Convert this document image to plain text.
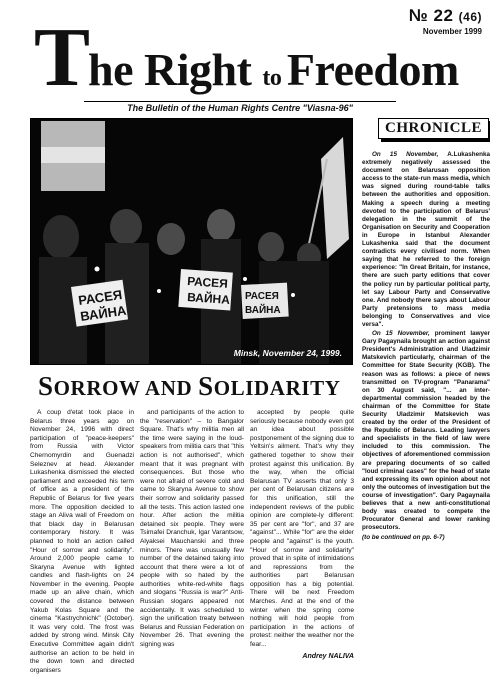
№ 22 (46)
November 1999
T
he Right to Freedom
The Bulletin of the Human Rights Centre "Viasna-96"
РАСЕЯ
ВАЙНА
РАСЕЯ
ВАЙНА РАСЕЯ
ВАЙНА
Minsk, November 24, 1999.
CHRONICLE

On 15 November, A.Lukashenka extremely negatively assessed the document on Belarusan opposition access to the state-run mass media, which was signed during round-table talks between the authorities and opposition. Making a speech during a meeting devoted to the participation of Belarus' delegation in the summit of the Organisation on Security and Cooperation in Europe in Istanbul Alexander Lukashenka said that the document contradicts every civilised norm. When saying that he referred to the foreign experience: "In Great Britain, for instance, there are such party editions that cover the policy run by particular political party, let say Labour Party and Conservative one. And nobody there says about Labour Party pretensions to mass media belonging to Conservatives and vice versa".

On 15 November, prominent lawyer Gary Pagaynaila brought an action against President's Administration and Uladzimir Matskevich particularly, chairman of the Committee for State Security (KGB). The reason was as follows: a piece of news transmitted on TV-program "Panarama" on 30 August said, "... an inter-departmental commission headed by the chairman of the Committee for State Security Uladzimir Matskevich was created by the order of the President of the Republic of Belarus. Leading lawyers and specialists in the field of law were included to this commission. The objectives of aforementioned commission are preparing documents of so called "loud criminal cases" for the head of state and expressing its own opinion about not only the outcomes of investigation but the course of investigation". Gary Pagaynaila believes that a new anti-constitutional body was created to compete the Procurator General and lower ranking prosecutors.

(to be continued on pp. 6-7)
SORROW AND SOLIDARITY

A coup d'etat took place in Belarus three years ago on November 24, 1996 with direct participation of "peace-keepers" from Russia with Victor Chernomyrdin and Guenadzi Seleznev at head. Alexander Lukashenka dismissed the elected parliament and exceeded his term of office as a president of the Republic of Belarus for five years more. The opposition decided to stage an Aliva wall of Freedom on that black day in Belarusan contemporary history. It was planned to hold an action called "Hour of sorrow and solidarity". Around 2,000 people came to Skaryna Avenue with lighted candles and flash-lights on 24 November in the evening. People made up an alive chain, which covered the distance between Yakub Kolas Square and the cinema "Kastrychnichk" (October). It was very cold. The frost was added by strong wind. Minsk City Executive Committee again didn't authorise an action to be held in the down town and directed organisers

and participants of the action to the "reservation" – to Bangalor Square. That's why militia men all the time were saying in the loud-speakers from militia cars that "this action is not authorised", which meant that it was pregnant with consequences. But those who were not afraid of severe cold and came to Skaryna Avenue to show their sorrow and solidarity passed all the tests. This action lasted one hour. After action the militia detained six people. They were Tsimafei Dranchuk, Igar Varantsow, Alyaksei Mauchanski and three minors. There was unusually few number of the detained taking into account that there were a lot of people with so hated by the authorities white-red-white flags and slogans "Russia is war?" Anti-Russian slogans appeared not accidentally. It was scheduled to sign the unification treaty between Belarus and Russian Federation on November 26. That evening the signing was

accepted by people quite seriously because nobody even got an idea about possible postponement of the signing due to Yeltsin's ailment. That's why they gathered together to show their protest against this unification. By the way, when the official Belarusan TV asserts that only 3 per cent of Belarusan citizens are for this unification, still the independent reviews of the public opinion are complete-ly different: 35 per cent are "for", and 37 are "against"... While "for" are the elder people and "against" is the youth. "Hour of sorrow and solidarity" proved that in spite of intimidations and repressions from the authorities part Belarusan opposition has a big potential. There will be next Freedom Marches. And at the end of the winter when the spring come nothing will hold people from participation in the actions of protest: neither the weather nor the fear...

Andrey NALIVA
